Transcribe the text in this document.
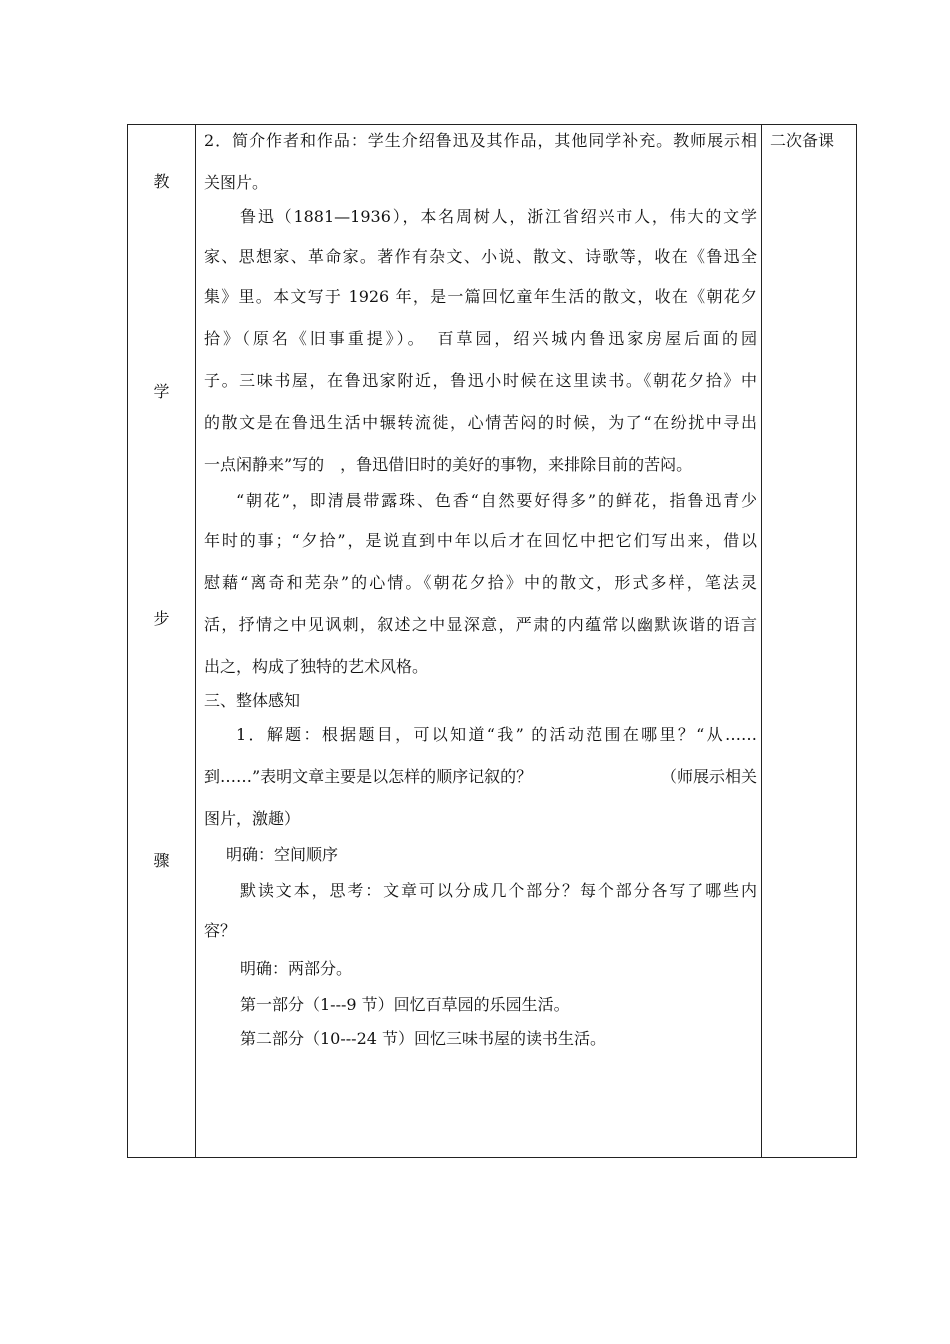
教
学
步
骤
二次备课
2．简介作者和作品：学生介绍鲁迅及其作品，其他同学补充。教师展示相
关图片。
鲁迅（1881—1936），本名周树人，浙江省绍兴市人，伟大的文学
家、思想家、革命家。著作有杂文、小说、散文、诗歌等，收在《鲁迅全
集》里。本文写于 1926 年，是一篇回忆童年生活的散文，收在《朝花夕
拾》（原名《旧事重提》）。　百草园，绍兴城内鲁迅家房屋后面的园
子。三味书屋，在鲁迅家附近，鲁迅小时候在这里读书。《朝花夕拾》中
的散文是在鲁迅生活中辗转流徙，心情苦闷的时候，为了“在纷扰中寻出
一点闲静来”写的　，鲁迅借旧时的美好的事物，来排除目前的苦闷。
“朝花”，即清晨带露珠、色香“自然要好得多”的鲜花，指鲁迅青少
年时的事；“夕拾”，是说直到中年以后才在回忆中把它们写出来，借以
慰藉“离奇和芜杂”的心情。《朝花夕拾》中的散文，形式多样，笔法灵
活，抒情之中见讽刺，叙述之中显深意，严肃的内蕴常以幽默诙谐的语言
出之，构成了独特的艺术风格。
三、整体感知
1．解题：根据题目，可以知道“我” 的活动范围在哪里？“从……
到……”表明文章主要是以怎样的顺序记叙的？	（师展示相关
图片，激趣）
明确：空间顺序
默读文本，思考：文章可以分成几个部分？每个部分各写了哪些内
容？
明确：两部分。
第一部分（1---9 节）回忆百草园的乐园生活。
第二部分（10---24 节）回忆三味书屋的读书生活。
